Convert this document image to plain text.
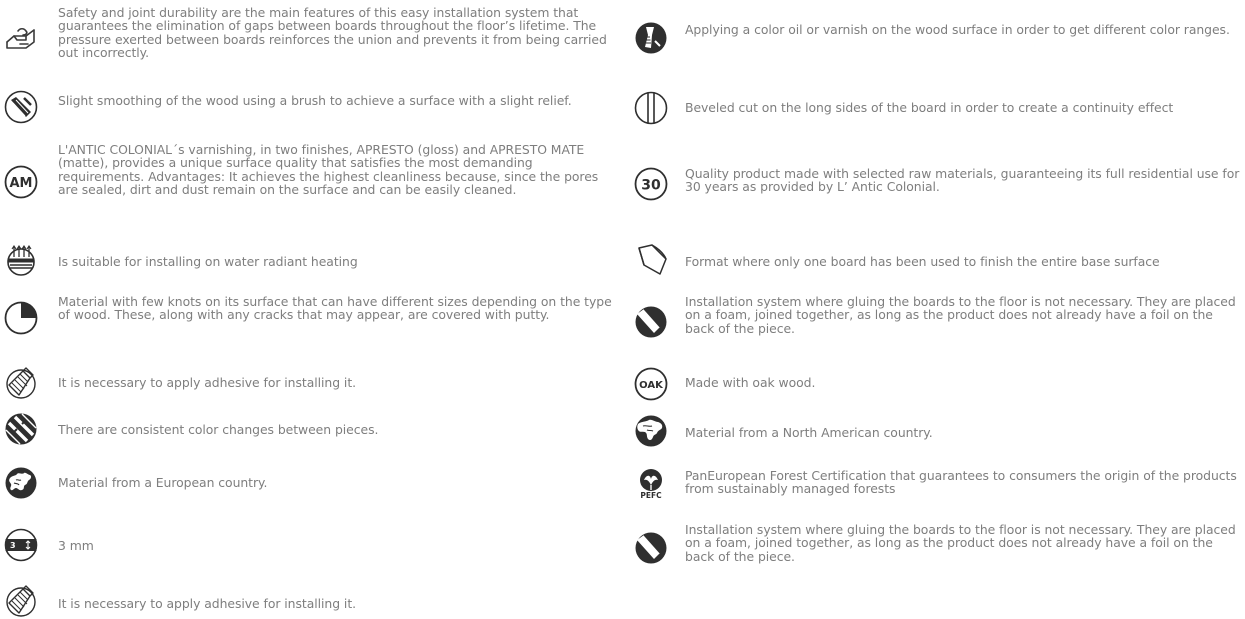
Safety and joint durability are the main features of this easy installation system that guarantees the elimination of gaps between boards throughout the floor’s lifetime. The pressure exerted between boards reinforces the union and prevents it from being carried out incorrectly.
Slight smoothing of the wood using a brush to achieve a surface with a slight relief.
AM
L'ANTIC COLONIAL´s varnishing, in two finishes, APRESTO (gloss) and APRESTO MATE (matte), provides a unique surface quality that satisfies the most demanding requirements. Advantages: It achieves the highest cleanliness because, since the pores are sealed, dirt and dust remain on the surface and can be easily cleaned.
Is suitable for installing on water radiant heating
Material with few knots on its surface that can have different sizes depending on the type of wood. These, along with any cracks that may appear, are covered with putty.
It is necessary to apply adhesive for installing it.
There are consistent color changes between pieces.
Material from a European country.
3	3 mm
It is necessary to apply adhesive for installing it.
Applying a color oil or varnish on the wood surface in order to get different color ranges.
Beveled cut on the long sides of the board in order to create a continuity effect
30
Quality product made with selected raw materials, guaranteeing its full residential use for 30 years as provided by L’ Antic Colonial.
Format where only one board has been used to finish the entire base surface
Installation system where gluing the boards to the floor is not necessary. They are placed on a foam, joined together, as long as the product does not already have a foil on the back of the piece.
OAK Made with oak wood.
Material from a North American country.
PEFC
PanEuropean Forest Certification that guarantees to consumers the origin of the products from sustainably managed forests
Installation system where gluing the boards to the floor is not necessary. They are placed on a foam, joined together, as long as the product does not already have a foil on the back of the piece.
